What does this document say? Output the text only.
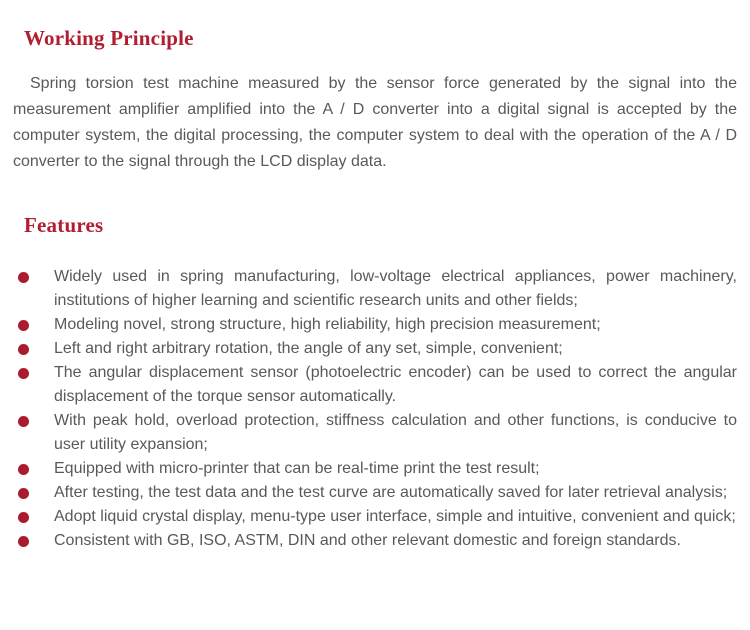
Working Principle

Spring torsion test machine measured by the sensor force generated by the signal into the measurement amplifier amplified into the A / D converter into a digital signal is accepted by the computer system, the digital processing, the computer system to deal with the operation of the A / D converter to the signal through the LCD display data.

Features
Widely used in spring manufacturing, low-voltage electrical appliances, power machinery, institutions of higher learning and scientific research units and other fields;
Modeling novel, strong structure, high reliability, high precision measurement;
Left and right arbitrary rotation, the angle of any set, simple, convenient;
The angular displacement sensor (photoelectric encoder) can be used to correct the angular displacement of the torque sensor automatically.
With peak hold, overload protection, stiffness calculation and other functions, is conducive to user utility expansion;
Equipped with micro-printer that can be real-time print the test result;
After testing, the test data and the test curve are automatically saved for later retrieval analysis;
Adopt liquid crystal display, menu-type user interface, simple and intuitive, convenient and quick;
Consistent with GB, ISO, ASTM, DIN and other relevant domestic and foreign standards.
